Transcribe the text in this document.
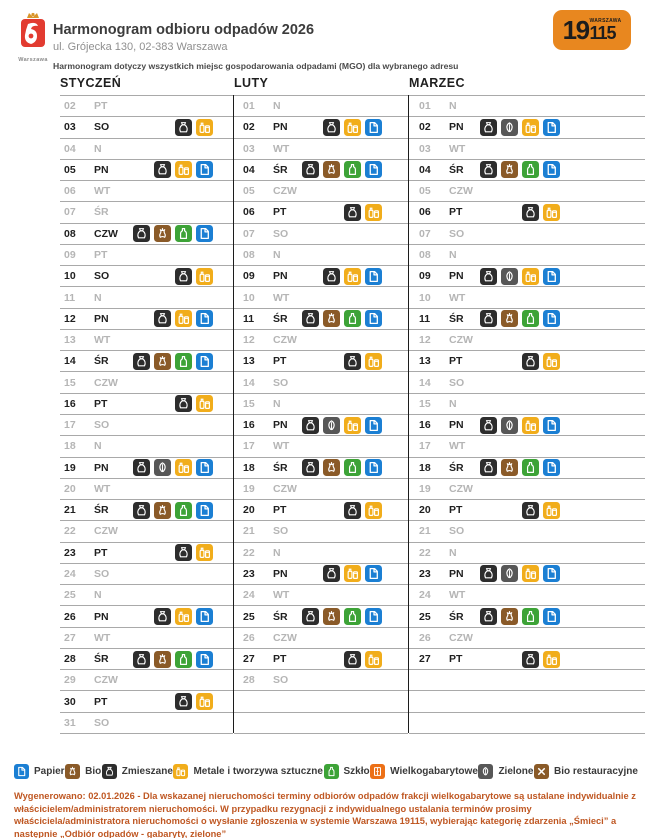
Warszawa
Harmonogram odbioru odpadów 2026
ul. Grójecka 130, 02-383 Warszawa
Harmonogram dotyczy wszystkich miejsc gospodarowania odpadami (MGO) dla wybranego adresu
19 WARSZAWA
115
STYCZEŃ
02	PT
03	SO
04	N
05	PN
06	WT
07	ŚR
08	CZW
09	PT
10	SO
11	N
12	PN
13	WT
14	ŚR
15	CZW
16	PT
17	SO
18	N
19	PN
20	WT
21	ŚR
22	CZW
23	PT
24	SO
25	N
26	PN
27	WT
28	ŚR
29	CZW
30	PT
31	SO
LUTY
01	N
02	PN
03	WT
04	ŚR
05	CZW
06	PT
07	SO
08	N
09	PN
10	WT
11	ŚR
12	CZW
13	PT
14	SO
15	N
16	PN
17	WT
18	ŚR
19	CZW
20	PT
21	SO
22	N
23	PN
24	WT
25	ŚR
26	CZW
27	PT
28	SO
MARZEC
01	N
02	PN
03	WT
04	ŚR
05	CZW
06	PT
07	SO
08	N
09	PN
10	WT
11	ŚR
12	CZW
13	PT
14	SO
15	N
16	PN
17	WT
18	ŚR
19	CZW
20	PT
21	SO
22	N
23	PN
24	WT
25	ŚR
26	CZW
27	PT
Papier Bio Zmieszane Metale i tworzywa sztuczne Szkło Wielkogabarytowe Zielone Bio restauracyjne
Wygenerowano: 02.01.2026 - Dla wskazanej nieruchomości terminy odbiorów odpadów frakcji wielkogabarytowe są ustalane indywidualnie z właścicielem/administratorem nieruchomości. W przypadku rezygnacji z indywidualnego ustalania terminów prosimy właściciela/administratora nieruchomości o wysłanie zgłoszenia w systemie Warszawa 19115, wybierając kategorię zdarzenia „Śmieci” a następnie „Odbiór odpadów - gabaryty, zielone”
